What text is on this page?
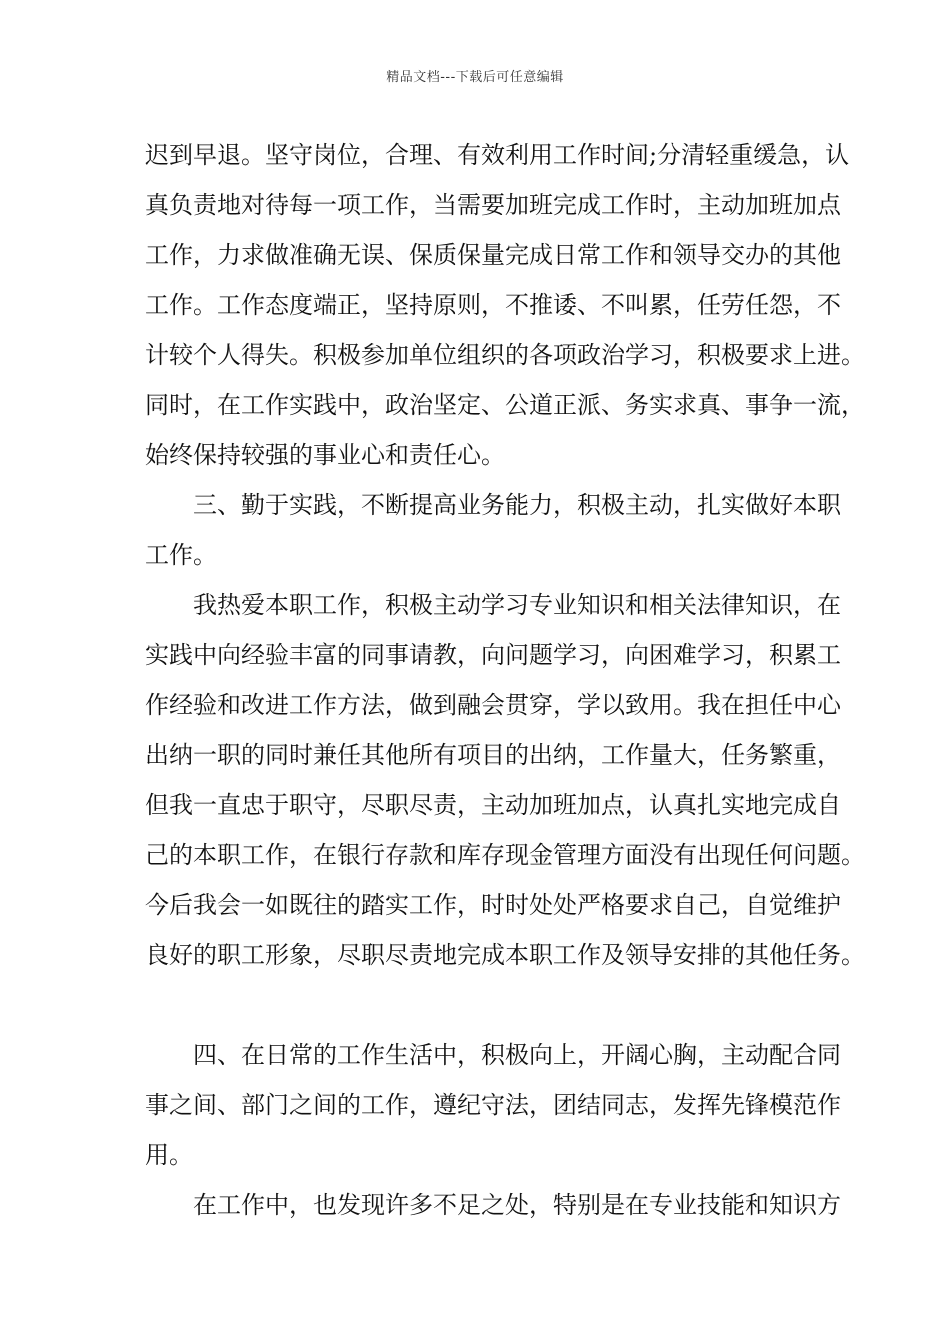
精品文档---下载后可任意编辑
迟到早退。坚守岗位，合理、有效利用工作时间;分清轻重缓急，认
真负责地对待每一项工作，当需要加班完成工作时，主动加班加点
工作，力求做准确无误、保质保量完成日常工作和领导交办的其他
工作。工作态度端正，坚持原则，不推诿、不叫累，任劳任怨，不
计较个人得失。积极参加单位组织的各项政治学习，积极要求上进。
同时，在工作实践中，政治坚定、公道正派、务实求真、事争一流，
始终保持较强的事业心和责任心。
三、勤于实践，不断提高业务能力，积极主动，扎实做好本职
工作。
我热爱本职工作，积极主动学习专业知识和相关法律知识，在
实践中向经验丰富的同事请教，向问题学习，向困难学习，积累工
作经验和改进工作方法，做到融会贯穿，学以致用。我在担任中心
出纳一职的同时兼任其他所有项目的出纳，工作量大，任务繁重，
但我一直忠于职守，尽职尽责，主动加班加点，认真扎实地完成自
己的本职工作，在银行存款和库存现金管理方面没有出现任何问题。
今后我会一如既往的踏实工作，时时处处严格要求自己，自觉维护
良好的职工形象，尽职尽责地完成本职工作及领导安排的其他任务。
四、在日常的工作生活中，积极向上，开阔心胸，主动配合同
事之间、部门之间的工作，遵纪守法，团结同志，发挥先锋模范作
用。
在工作中，也发现许多不足之处，特别是在专业技能和知识方
